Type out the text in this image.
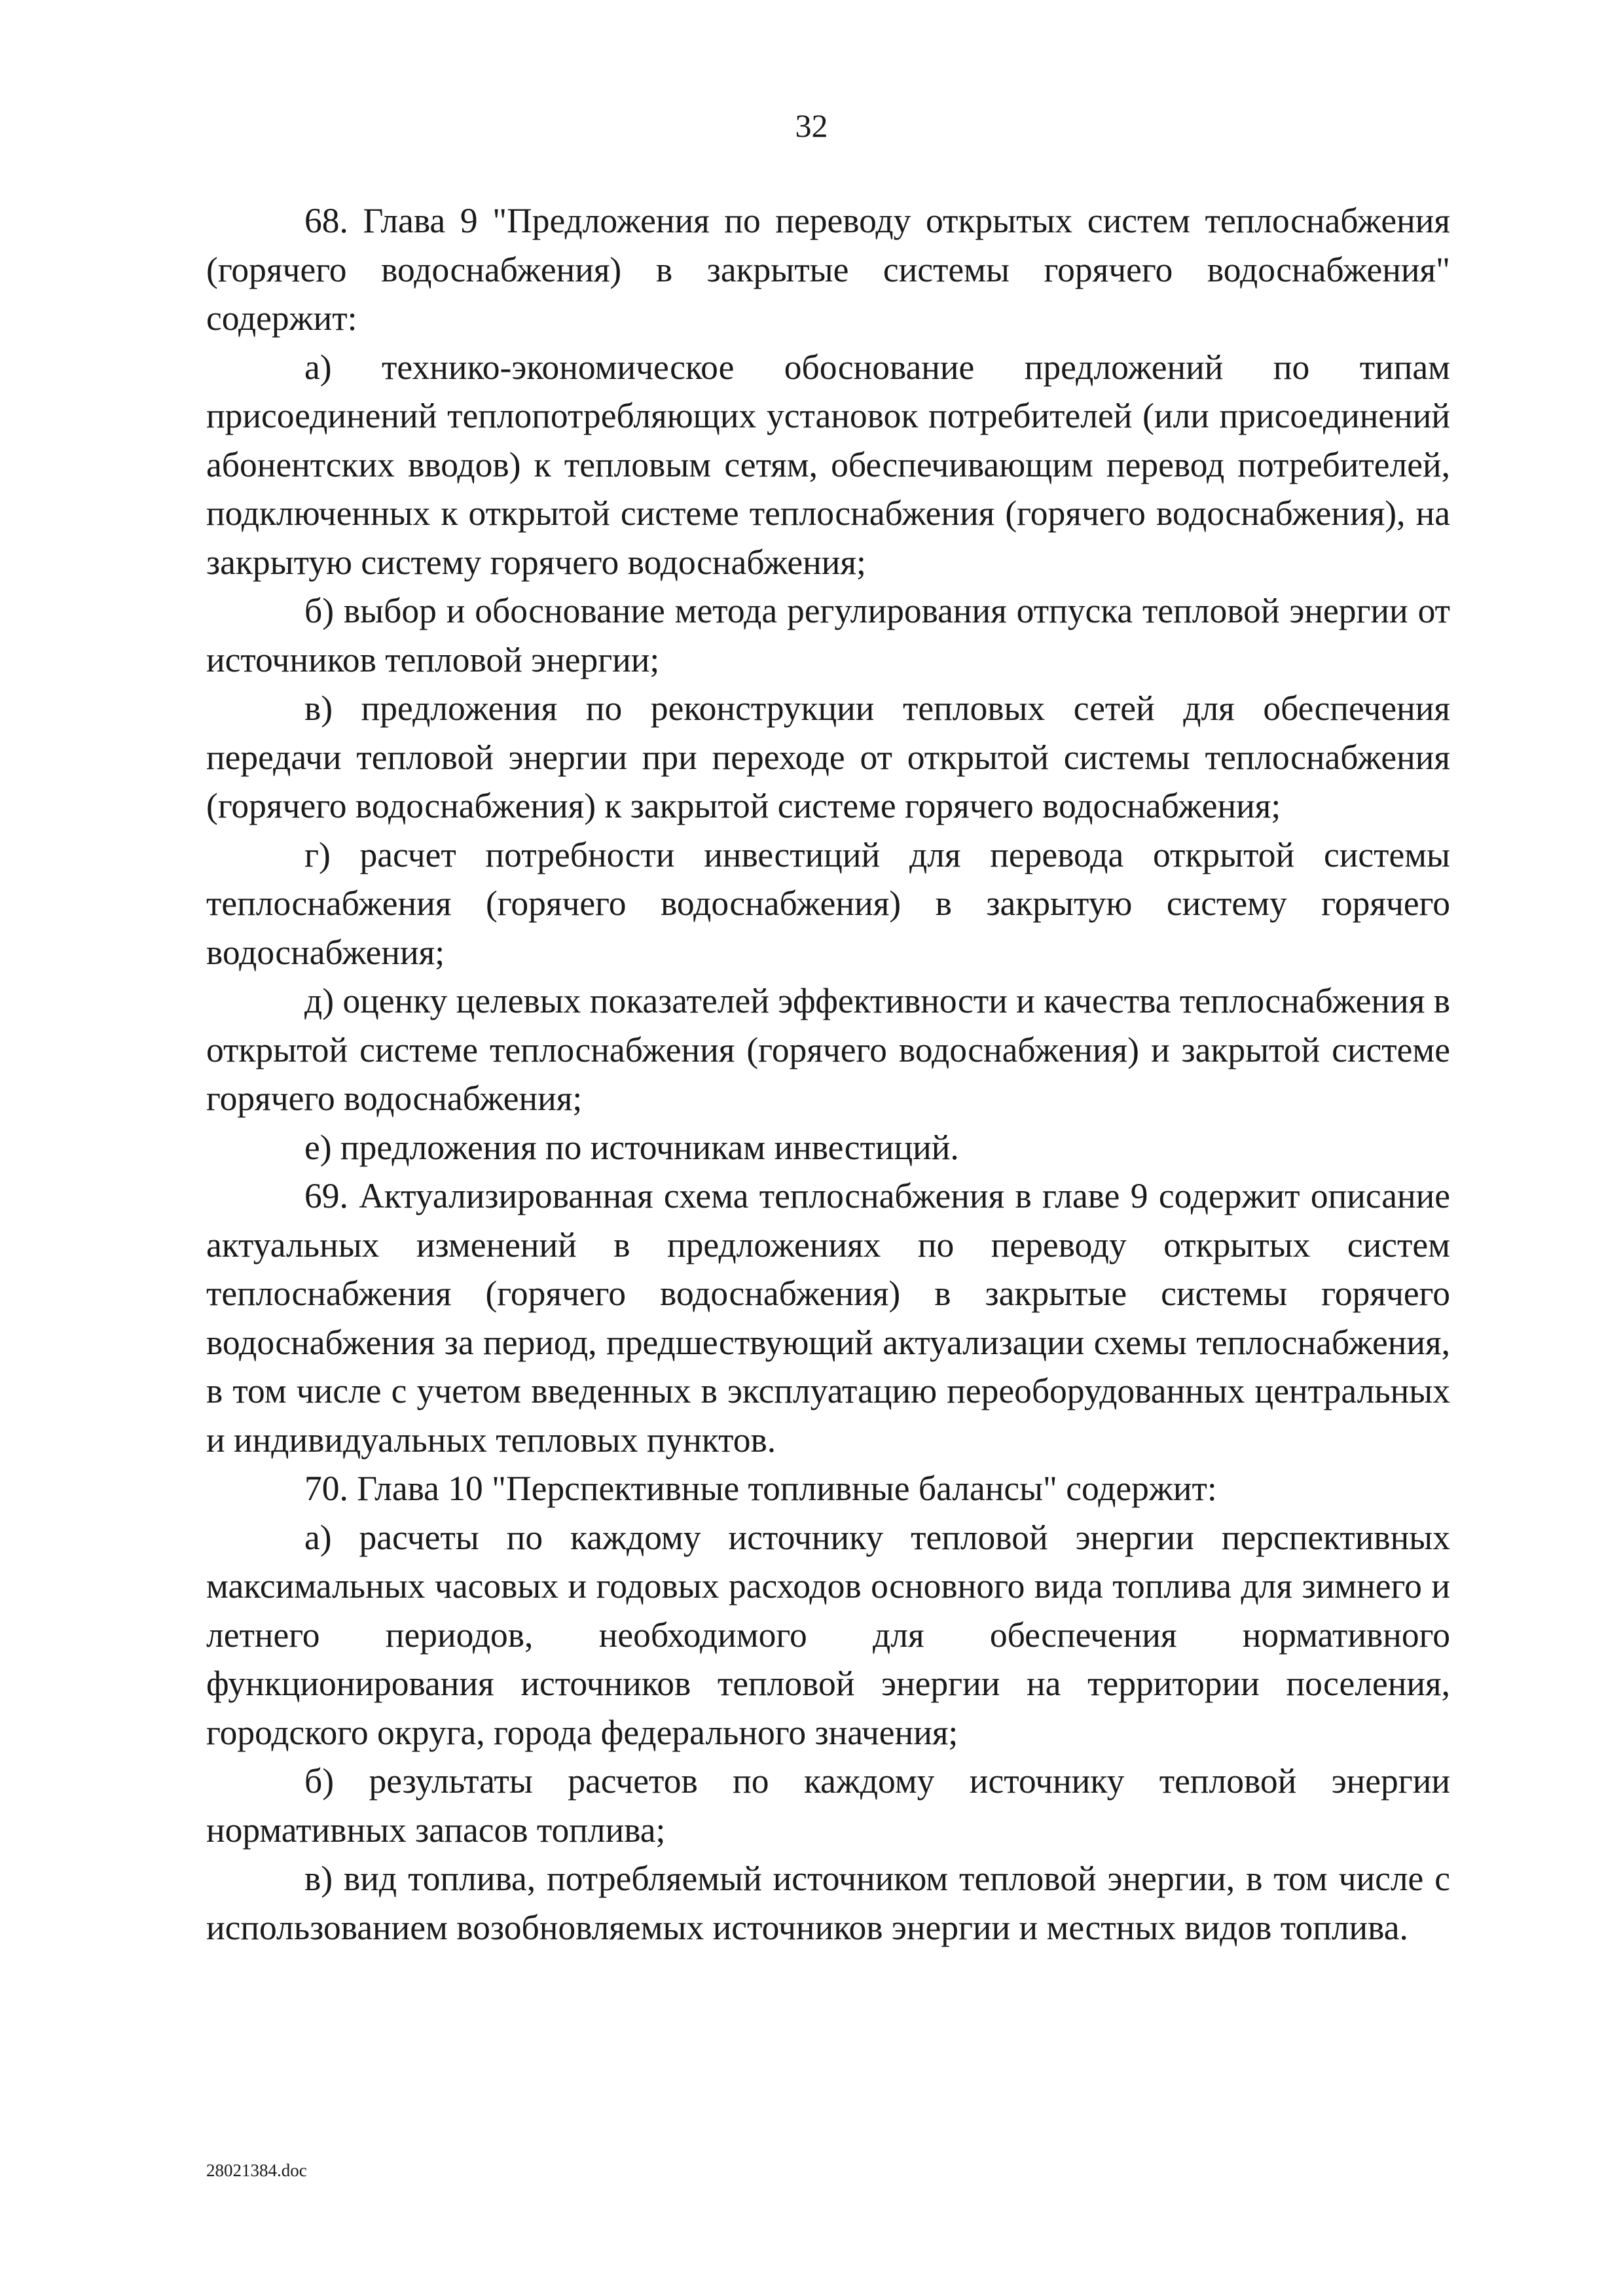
32

68. Глава 9 "Предложения по переводу открытых систем теплоснабжения (горячего водоснабжения) в закрытые системы горячего водоснабжения" содержит:

а) технико-экономическое обоснование предложений по типам присоединений теплопотребляющих установок потребителей (или присоединений абонентских вводов) к тепловым сетям, обеспечивающим перевод потребителей, подключенных к открытой системе теплоснабжения (горячего водоснабжения), на закрытую систему горячего водоснабжения;

б) выбор и обоснование метода регулирования отпуска тепловой энергии от источников тепловой энергии;

в) предложения по реконструкции тепловых сетей для обеспечения передачи тепловой энергии при переходе от открытой системы теплоснабжения (горячего водоснабжения) к закрытой системе горячего водоснабжения;

г) расчет потребности инвестиций для перевода открытой системы теплоснабжения (горячего водоснабжения) в закрытую систему горячего водоснабжения;

д) оценку целевых показателей эффективности и качества теплоснабжения в открытой системе теплоснабжения (горячего водоснабжения) и закрытой системе горячего водоснабжения;

е) предложения по источникам инвестиций.

69. Актуализированная схема теплоснабжения в главе 9 содержит описание актуальных изменений в предложениях по переводу открытых систем теплоснабжения (горячего водоснабжения) в закрытые системы горячего водоснабжения за период, предшествующий актуализации схемы теплоснабжения, в том числе с учетом введенных в эксплуатацию переоборудованных центральных и индивидуальных тепловых пунктов.

70. Глава 10 "Перспективные топливные балансы" содержит:

а) расчеты по каждому источнику тепловой энергии перспективных максимальных часовых и годовых расходов основного вида топлива для зимнего и летнего периодов, необходимого для обеспечения нормативного функционирования источников тепловой энергии на территории поселения, городского округа, города федерального значения;

б) результаты расчетов по каждому источнику тепловой энергии нормативных запасов топлива;

в) вид топлива, потребляемый источником тепловой энергии, в том числе с использованием возобновляемых источников энергии и местных видов топлива.

28021384.doc
